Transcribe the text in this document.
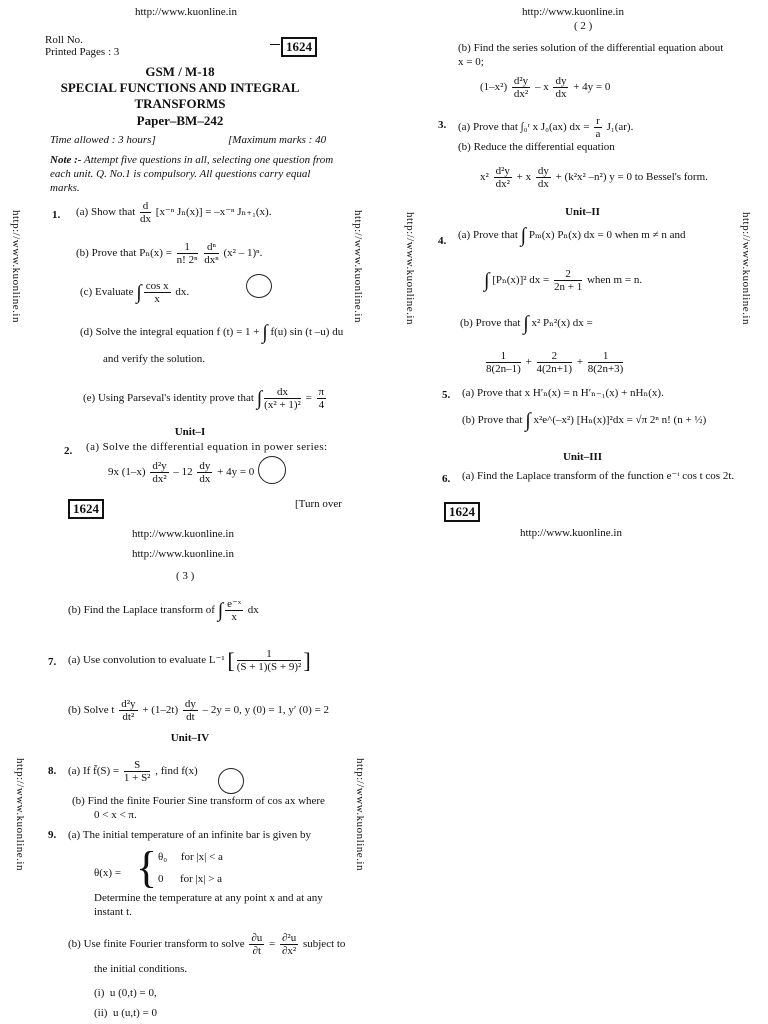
http://www.kuonline.in
http://www.kuonline.in	http://www.kuonline.in
Roll No.
Printed Pages : 3	1624
GSM / M-18
SPECIAL FUNCTIONS AND INTEGRAL
TRANSFORMS
Paper–BM–242
Time allowed : 3 hours]	[Maximum marks : 40
Note :- Attempt five questions in all, selecting one question from each unit. Q. No.1 is compulsory. All questions carry equal marks.
1. (a) Show that $\frac{d}{dx} [x^{-n}$ Jₙ(x)] = –x⁻ⁿ Jₙ₊₁(x).
(b) Prove that $P_n(x) = \frac{1}{\text{n! 2ⁿ}}$
$\frac{\text{dⁿ}}{\text{dxⁿ}} (x^2 - 1)^n$.
(c) Evaluate ∫ $\frac{\text{cos x}}{x}$ dx.
(d) Solve the integral equation f (t) = 1 + ∫ f(u) sin (t –u) du
and verify the solution.
(e) Using Parseval's identity prove that ∫ $\frac{dx}{\text{(x² + 1)²}} = \frac{\pi}{4}$
Unit–I
2. (a) Solve the differential equation in power series:
9x $(1-x) \frac{\text{d²y}}{\text{dx²}} - 12 \frac{dy}{dx} + 4y = 0$
1624	[Turn over
http://www.kuonline.in
( 2 )
http://www.kuonline.in	http://www.kuonline.in
(b) Find the series solution of the differential equation about x = 0;
$(1-x^2) \frac{\text{d²y}}{\text{dx²}} - x \frac{dy}{dx} + 4y = 0$
3. (a) Prove that ∫₀ʳ x J₀(ax) dx = $\frac{r}{a} J_1(ar)$.
(b) Reduce the differential equation
$x^2 \frac{\text{d²y}}{\text{dx²}} + x \frac{dy}{dx} + (k^2x^2$ –n²) y = 0 to Bessel's form.
Unit–II
4. (a) Prove that ∫ Pₘ(x) Pₙ(x) dx = 0 when m ≠ n and
∫ [Pₙ(x)]² dx = $\frac{2}{2n + 1}$ when m = n.
(b) Prove that ∫ x² Pₙ²(x) dx =
$\frac{1}{8(2n-1)} + \frac{2}{4(2n+1)} + \frac{1}{8(2n+3)}$
5. (a) Prove that x H′ₙ(x) = n H′ₙ₋₁(x) + nHₙ(x).
(b) Prove that ∫ x²e^(–x²) [Hₙ(x)]²dx = √π 2ⁿ n! (n + ½)
Unit–III
6. (a) Find the Laplace transform of the function e⁻ᵗ cos t cos 2t.
1624
http://www.kuonline.in
http://www.kuonline.in
http://www.kuonline.in
( 3 )
http://www.kuonline.in	http://www.kuonline.in
(b) Find the Laplace transform of ∫ $\frac{\text{e⁻ˣ}}{x}$ dx
7. (a) Use convolution to evaluate L⁻¹ [ $\frac{1}{\text{(S + 1)(S + 9)²}}$ ]
(b) Solve t $\frac{\text{d²y}}{\text{dt²}} + (1-2t) \frac{dy}{dt} - 2y = 0$, y (0) = 1, y′ (0) = 2
Unit–IV
8. (a) If f̄(S) = $\frac{S}{\text{1 + S²}}$ , find f(x)
(b) Find the finite Fourier Sine transform of cos ax where
0 < x < π.
9. (a) The initial temperature of an infinite bar is given by
θ(x) = { θ₀     for |x| < a
0      for |x| > a
Determine the temperature at any point x and at any instant t.
(b) Use finite Fourier transform to solve $\frac{\partial u}{\partial t} = \frac{\text{∂²u}}{\text{∂x²}}$ subject to
the initial conditions.
(i) u (0,t) = 0,
(ii) u (u,t) = 0
